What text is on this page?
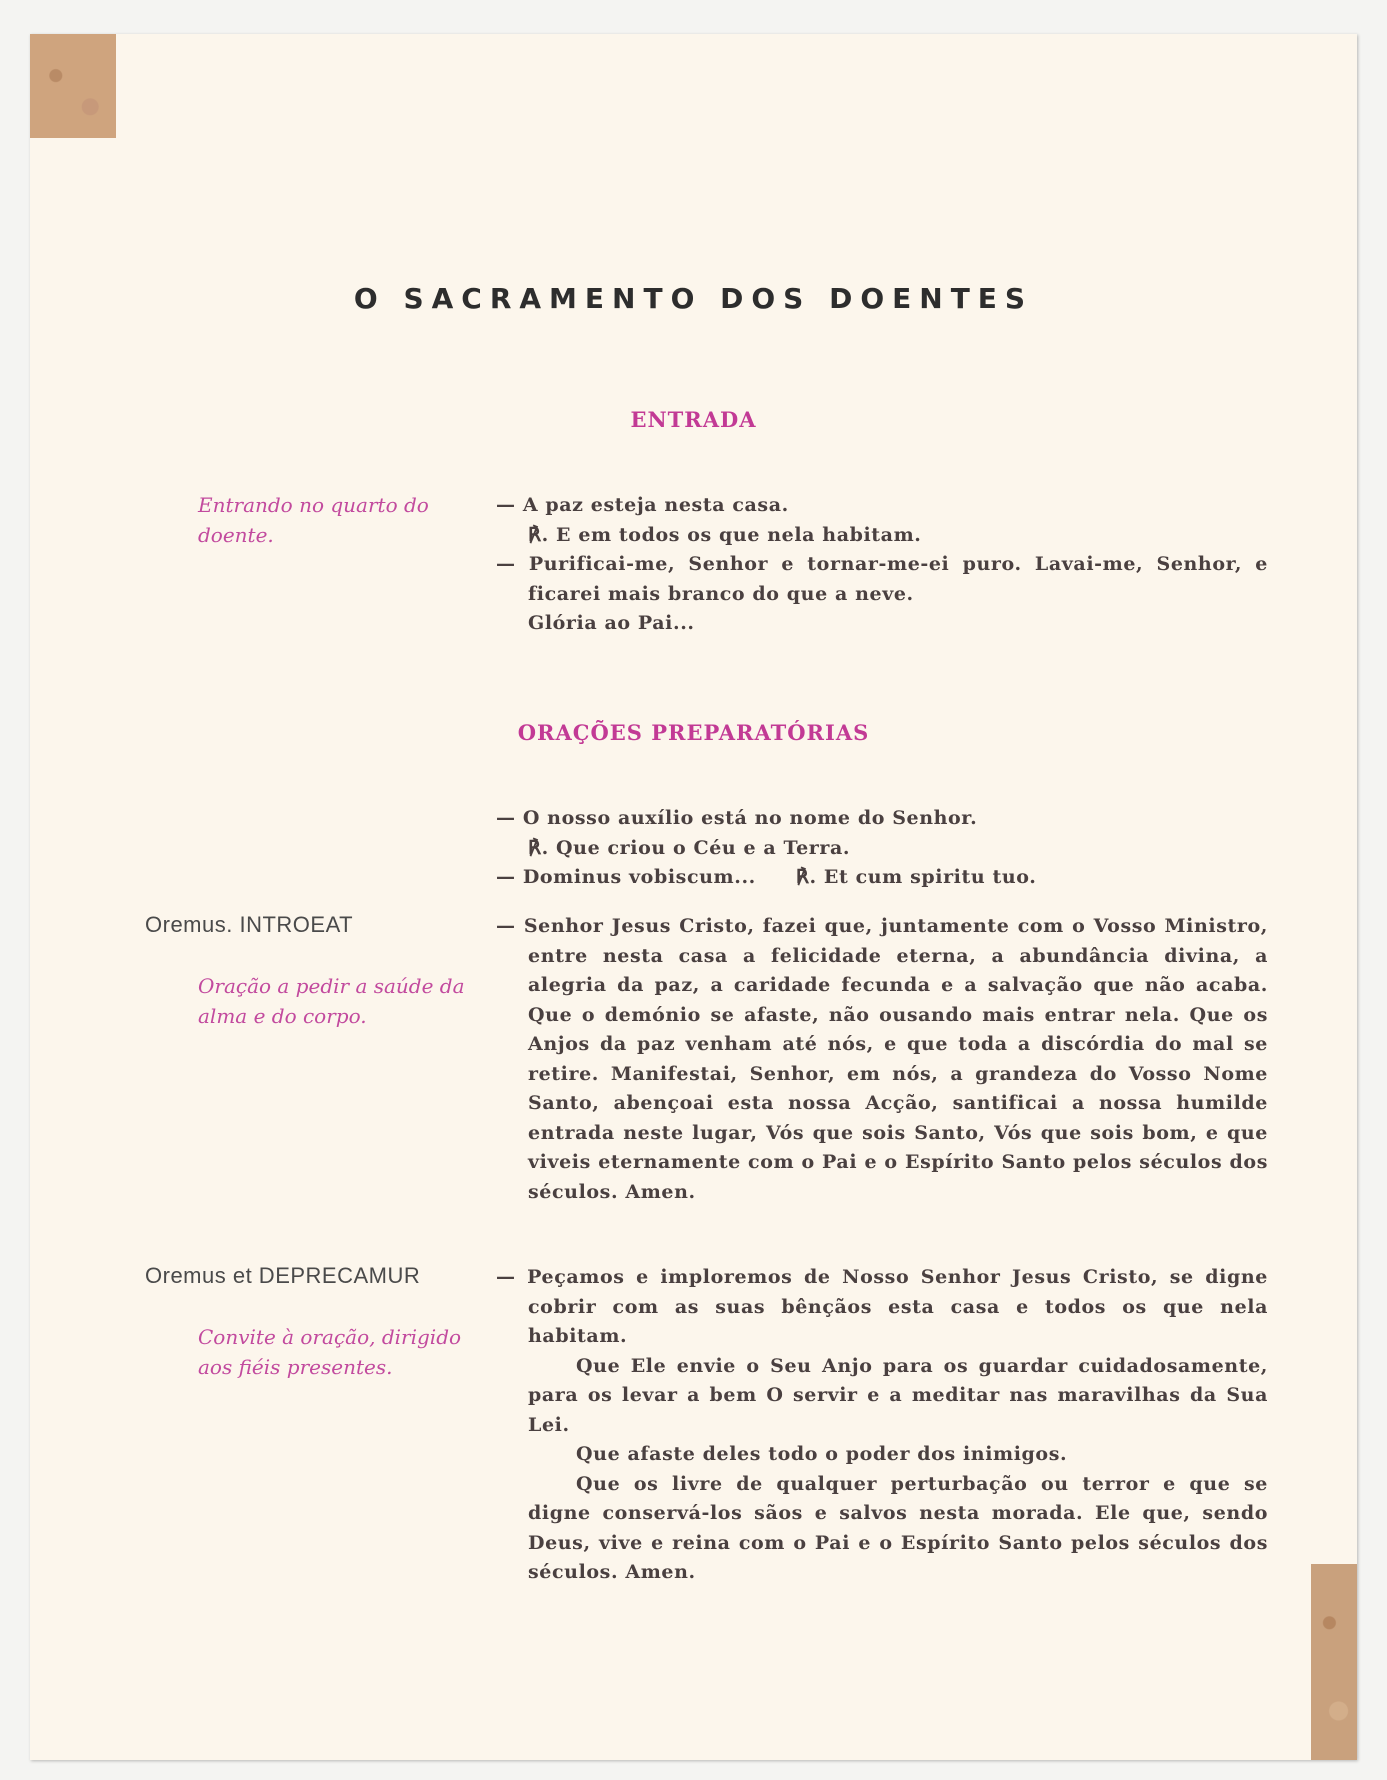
O SACRAMENTO DOS DOENTES
ENTRADA
Entrando no quarto do doente.

— A paz esteja nesta casa.

℟. E em todos os que nela habitam.

— Purificai-me, Senhor e tornar-me-ei puro. Lavai-me, Senhor, e ficarei mais branco do que a neve.

Glória ao Pai...

ORAÇÕES PREPARATÓRIAS

— O nosso auxílio está no nome do Senhor.

℟. Que criou o Céu e a Terra.

— Dominus vobiscum... ℟. Et cum spiritu tuo.

Oremus. INTROEAT
Oração a pedir a saúde da alma e do corpo.

— Senhor Jesus Cristo, fazei que, juntamente com o Vosso Ministro, entre nesta casa a felicidade eterna, a abundância divina, a alegria da paz, a caridade fecunda e a salvação que não acaba. Que o demónio se afaste, não ousando mais entrar nela. Que os Anjos da paz venham até nós, e que toda a discórdia do mal se retire. Manifestai, Senhor, em nós, a grandeza do Vosso Nome Santo, abençoai esta nossa Acção, santificai a nossa humilde entrada neste lugar, Vós que sois Santo, Vós que sois bom, e que viveis eternamente com o Pai e o Espírito Santo pelos séculos dos séculos. Amen.

Oremus et DEPRECAMUR
Convite à oração, dirigido aos fiéis presentes.

— Peçamos e imploremos de Nosso Senhor Jesus Cristo, se digne cobrir com as suas bênçãos esta casa e todos os que nela habitam.

Que Ele envie o Seu Anjo para os guardar cuidadosamente, para os levar a bem O servir e a meditar nas maravilhas da Sua Lei.

Que afaste deles todo o poder dos inimigos.

Que os livre de qualquer perturbação ou terror e que se digne conservá-los sãos e salvos nesta morada. Ele que, sendo Deus, vive e reina com o Pai e o Espírito Santo pelos séculos dos séculos. Amen.
